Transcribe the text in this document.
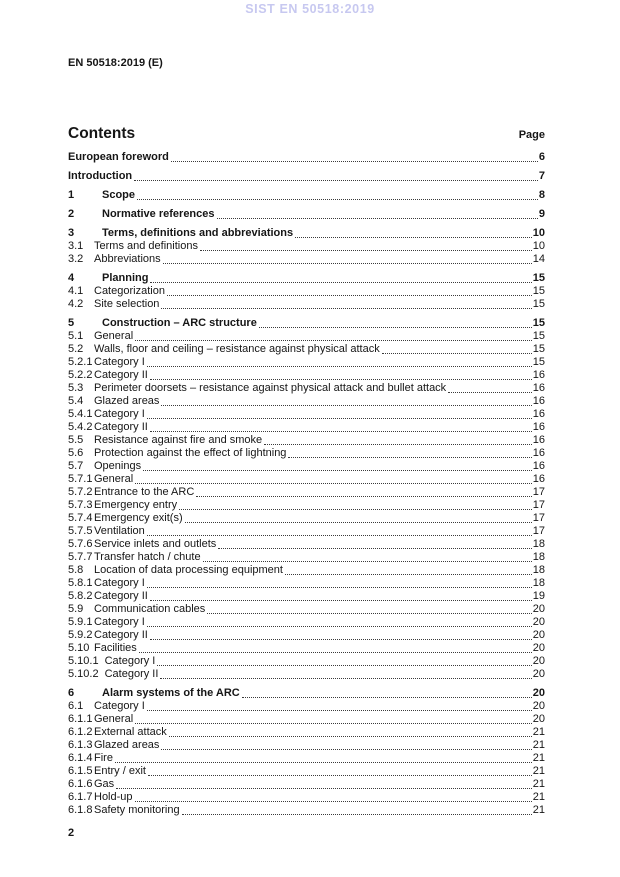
SIST EN 50518:2019
EN 50518:2019 (E)
Contents	Page
European foreword	6
Introduction	7
1	Scope	8
2	Normative references	9
3	Terms, definitions and abbreviations	10
3.1 Terms and definitions	10
3.2 Abbreviations	14
4	Planning	15
4.1 Categorization	15
4.2 Site selection	15
5	Construction – ARC structure	15
5.1 General	15
5.2 Walls, floor and ceiling – resistance against physical attack	15
5.2.1 Category I	15
5.2.2 Category II	16
5.3 Perimeter doorsets – resistance against physical attack and bullet attack	16
5.4 Glazed areas	16
5.4.1 Category I	16
5.4.2 Category II	16
5.5 Resistance against fire and smoke	16
5.6 Protection against the effect of lightning	16
5.7 Openings	16
5.7.1 General	16
5.7.2 Entrance to the ARC	17
5.7.3 Emergency entry	17
5.7.4 Emergency exit(s)	17
5.7.5 Ventilation	17
5.7.6 Service inlets and outlets	18
5.7.7 Transfer hatch / chute	18
5.8 Location of data processing equipment	18
5.8.1 Category I	18
5.8.2 Category II	19
5.9 Communication cables	20
5.9.1 Category I	20
5.9.2 Category II	20
5.10 Facilities	20
5.10.1 Category I	20
5.10.2 Category II	20
6	Alarm systems of the ARC	20
6.1 Category I	20
6.1.1 General	20
6.1.2 External attack	21
6.1.3 Glazed areas	21
6.1.4 Fire	21
6.1.5 Entry / exit	21
6.1.6 Gas	21
6.1.7 Hold-up	21
6.1.8 Safety monitoring	21
2
